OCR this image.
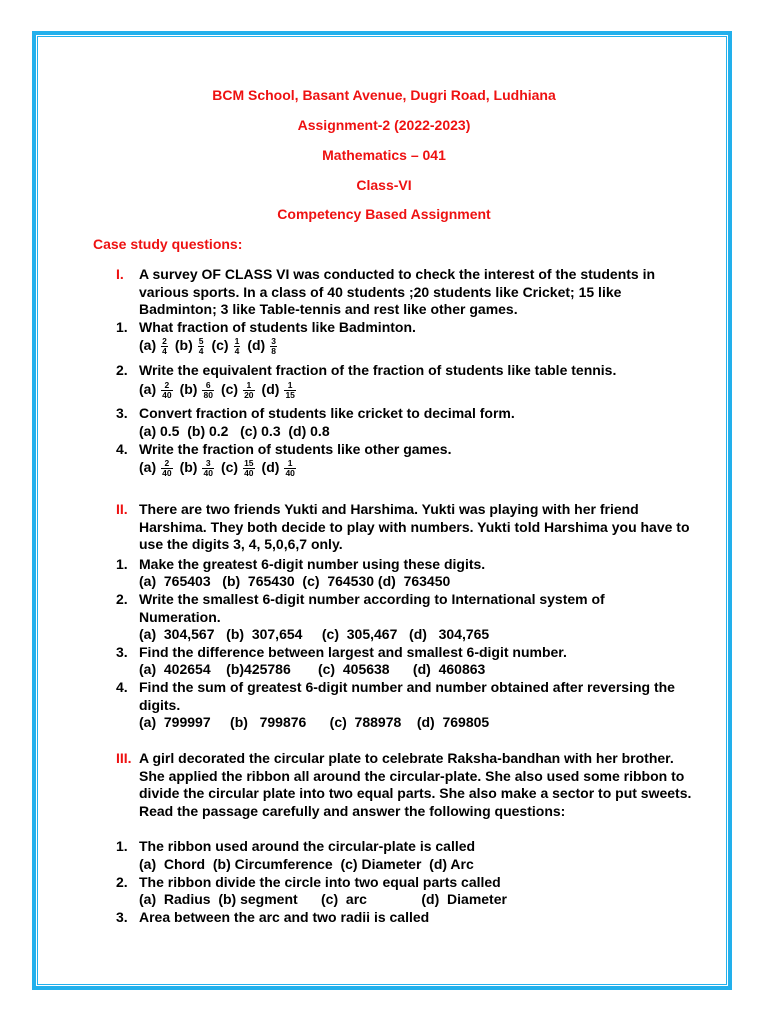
BCM School, Basant Avenue, Dugri Road, Ludhiana
Assignment-2 (2022-2023)
Mathematics – 041
Class-VI
Competency Based Assignment
Case study questions:
I. A survey OF CLASS VI was conducted to check the interest of the students in various sports. In a class of 40 students ;20 students like Cricket; 15 like Badminton; 3 like Table-tennis and rest like other games.
1. What fraction of students like Badminton.
$(a) \frac{2}{4} (b) \frac{5}{4} (c) \frac{1}{4} (d) \frac{3}{8}$
2. Write the equivalent fraction of the fraction of students like table tennis.
$(a) \frac{2}{40} (b) \frac{6}{80} (c) \frac{1}{20} (d) \frac{1}{15}$
3. Convert fraction of students like cricket to decimal form.
(a) 0.5  (b) 0.2   (c) 0.3  (d) 0.8
4. Write the fraction of students like other games.
$(a) \frac{2}{40} (b) \frac{3}{40} (c) \frac{15}{40} (d) \frac{1}{40}$
II. There are two friends Yukti and Harshima. Yukti was playing with her friend Harshima. They both decide to play with numbers. Yukti told Harshima you have to use the digits 3, 4, 5,0,6,7 only.
1. Make the greatest 6-digit number using these digits.
(a)  765403   (b)  765430  (c)  764530 (d)  763450
2. Write the smallest 6-digit number according to International system of Numeration.
(a)  304,567   (b)  307,654     (c)  305,467   (d)   304,765
3. Find the difference between largest and smallest 6-digit number.
(a)  402654    (b)425786       (c)  405638      (d)  460863
4. Find the sum of greatest 6-digit number and number obtained after reversing the digits.
(a)  799997     (b)   799876      (c)  788978    (d)  769805
III. A girl decorated the circular plate to celebrate Raksha-bandhan with her brother. She applied the ribbon all around the circular-plate. She also used some ribbon to divide the circular plate into two equal parts. She also make a sector to put sweets. Read the passage carefully and answer the following questions:
1. The ribbon used around the circular-plate is called
(a)  Chord  (b) Circumference  (c) Diameter  (d) Arc
2. The ribbon divide the circle into two equal parts called
(a)  Radius  (b) segment      (c)  arc              (d)  Diameter
3. Area between the arc and two radii is called
